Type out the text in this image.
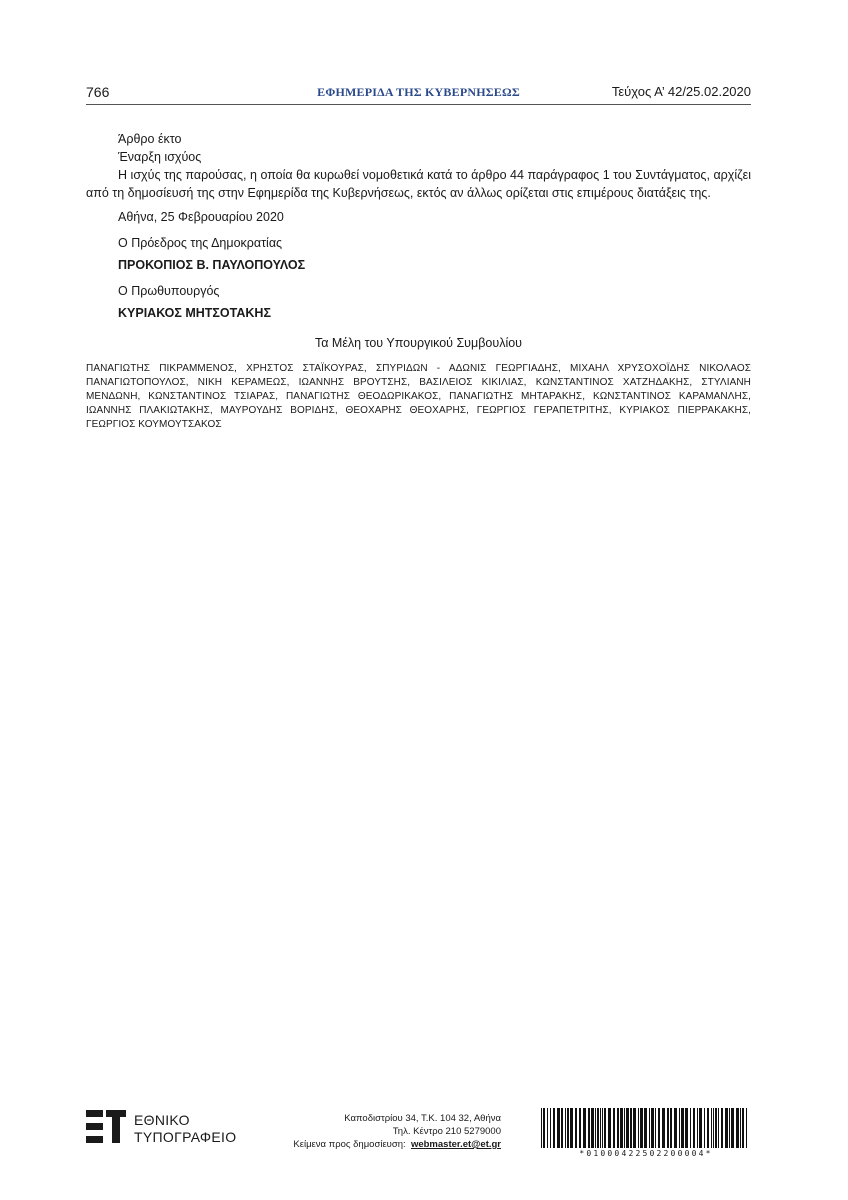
766	ΕΦΗΜΕΡΙΔΑ ΤΗΣ ΚΥΒΕΡΝΗΣΕΩΣ	Τεύχος Α’ 42/25.02.2020

Άρθρο έκτο

Έναρξη ισχύος

Η ισχύς της παρούσας, η οποία θα κυρωθεί νομοθετικά κατά το άρθρο 44 παράγραφος 1 του Συντάγματος, αρχίζει από τη δημοσίευσή της στην Εφημερίδα της Κυβερνήσεως, εκτός αν άλλως ορίζεται στις επιμέρους διατάξεις της.

Αθήνα, 25 Φεβρουαρίου 2020

Ο Πρόεδρος της Δημοκρατίας

ΠΡΟΚΟΠΙΟΣ Β. ΠΑΥΛΟΠΟΥΛΟΣ

Ο Πρωθυπουργός

ΚΥΡΙΑΚΟΣ ΜΗΤΣΟΤΑΚΗΣ

Τα Μέλη του Υπουργικού Συμβουλίου

ΠΑΝΑΓΙΩΤΗΣ ΠΙΚΡΑΜΜΕΝΟΣ, ΧΡΗΣΤΟΣ ΣΤΑΪΚΟΥΡΑΣ, ΣΠΥΡΙΔΩΝ - ΑΔΩΝΙΣ ΓΕΩΡΓΙΑΔΗΣ, ΜΙΧΑΗΛ ΧΡΥΣΟΧΟΪΔΗΣ ΝΙΚΟΛΑΟΣ ΠΑΝΑΓΙΩΤΟΠΟΥΛΟΣ, ΝΙΚΗ ΚΕΡΑΜΕΩΣ, ΙΩΑΝΝΗΣ ΒΡΟΥΤΣΗΣ, ΒΑΣΙΛΕΙΟΣ ΚΙΚΙΛΙΑΣ, ΚΩΝΣΤΑΝΤΙΝΟΣ ΧΑΤΖΗΔΑΚΗΣ, ΣΤΥΛΙΑΝΗ ΜΕΝΔΩΝΗ, ΚΩΝΣΤΑΝΤΙΝΟΣ ΤΣΙΑΡΑΣ, ΠΑΝΑΓΙΩΤΗΣ ΘΕΟΔΩΡΙΚΑΚΟΣ, ΠΑΝΑΓΙΩΤΗΣ ΜΗΤΑΡΑΚΗΣ, ΚΩΝΣΤΑΝΤΙΝΟΣ ΚΑΡΑΜΑΝΛΗΣ, ΙΩΑΝΝΗΣ ΠΛΑΚΙΩΤΑΚΗΣ, ΜΑΥΡΟΥΔΗΣ ΒΟΡΙΔΗΣ, ΘΕΟΧΑΡΗΣ ΘΕΟΧΑΡΗΣ, ΓΕΩΡΓΙΟΣ ΓΕΡΑΠΕΤΡΙΤΗΣ, ΚΥΡΙΑΚΟΣ ΠΙΕΡΡΑΚΑΚΗΣ, ΓΕΩΡΓΙΟΣ ΚΟΥΜΟΥΤΣΑΚΟΣ

ΕΘΝΙΚΟ
ΤΥΠΟΓΡΑΦΕΙΟ
Καποδιστρίου 34, Τ.Κ. 104 32, Αθήνα
Τηλ. Κέντρο 210 5279000
Κείμενα προς δημοσίευση: webmaster.et@et.gr
*01000422502200004*
